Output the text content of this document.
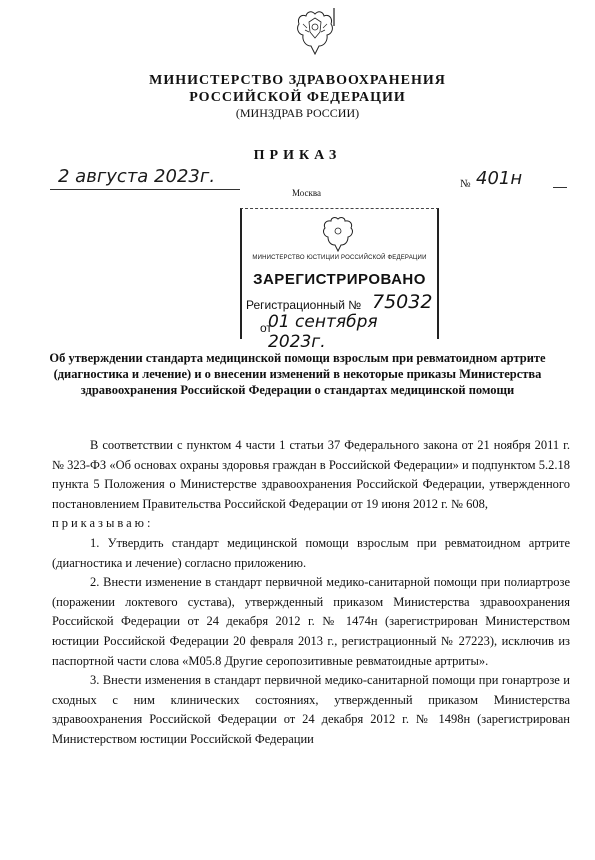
МИНИСТЕРСТВО ЗДРАВООХРАНЕНИЯ
РОССИЙСКОЙ ФЕДЕРАЦИИ
(МИНЗДРАВ РОССИИ)
ПРИКАЗ
2 августа 2023г.	№ 401н
Москва
МИНИСТЕРСТВО ЮСТИЦИИ РОССИЙСКОЙ ФЕДЕРАЦИИ
ЗАРЕГИСТРИРОВАНО
Регистрационный № 75032
от
01 сентября 2023г.
Об утверждении стандарта медицинской помощи взрослым при ревматоидном артрите (диагностика и лечение) и о внесении изменений в некоторые приказы Министерства здравоохранения Российской Федерации о стандартах медицинской помощи

В соответствии с пунктом 4 части 1 статьи 37 Федерального закона от 21 ноября 2011 г. № 323-ФЗ «Об основах охраны здоровья граждан в Российской Федерации» и подпунктом 5.2.18 пункта 5 Положения о Министерстве здравоохранения Российской Федерации, утвержденного постановлением Правительства Российской Федерации от 19 июня 2012 г. № 608,

приказываю:

1. Утвердить стандарт медицинской помощи взрослым при ревматоидном артрите (диагностика и лечение) согласно приложению.

2. Внести изменение в стандарт первичной медико-санитарной помощи при полиартрозе (поражении локтевого сустава), утвержденный приказом Министерства здравоохранения Российской Федерации от 24 декабря 2012 г. № 1474н (зарегистрирован Министерством юстиции Российской Федерации 20 февраля 2013 г., регистрационный № 27223), исключив из паспортной части слова «М05.8 Другие серопозитивные ревматоидные артриты».

3. Внести изменения в стандарт первичной медико-санитарной помощи при гонартрозе и сходных с ним клинических состояниях, утвержденный приказом Министерства здравоохранения Российской Федерации от 24 декабря 2012 г. № 1498н (зарегистрирован Министерством юстиции Российской Федерации
